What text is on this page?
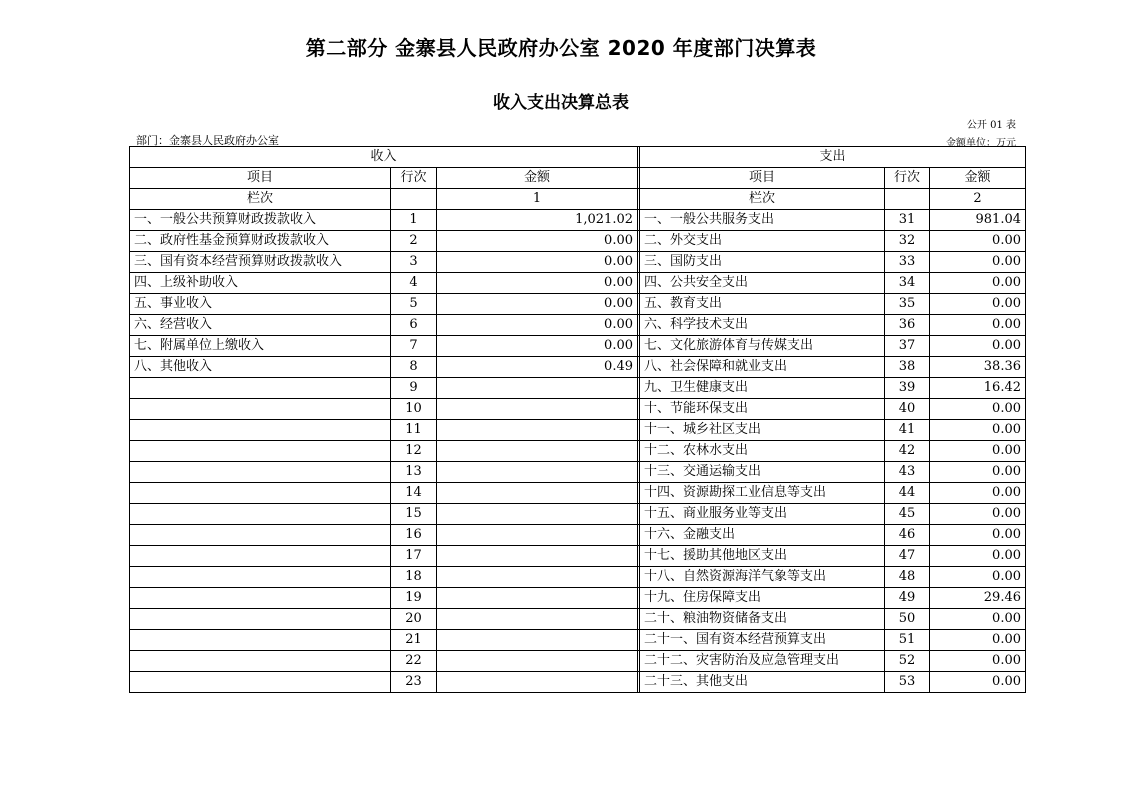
第二部分 金寨县人民政府办公室 2020 年度部门决算表
收入支出决算总表
公开 01 表
部门：金寨县人民政府办公室	金额单位：万元
收入				支出		
项目	行次	金额		项目	行次	金额
栏次		1		栏次		2
一、一般公共预算财政拨款收入	1	1,021.02		一、一般公共服务支出	31	981.04
二、政府性基金预算财政拨款收入	2	0.00		二、外交支出	32	0.00
三、国有资本经营预算财政拨款收入	3	0.00		三、国防支出	33	0.00
四、上级补助收入	4	0.00		四、公共安全支出	34	0.00
五、事业收入	5	0.00		五、教育支出	35	0.00
六、经营收入	6	0.00		六、科学技术支出	36	0.00
七、附属单位上缴收入	7	0.00		七、文化旅游体育与传媒支出	37	0.00
八、其他收入	8	0.49		八、社会保障和就业支出	38	38.36
	9			九、卫生健康支出	39	16.42
	10			十、节能环保支出	40	0.00
	11			十一、城乡社区支出	41	0.00
	12			十二、农林水支出	42	0.00
	13			十三、交通运输支出	43	0.00
	14			十四、资源勘探工业信息等支出	44	0.00
	15			十五、商业服务业等支出	45	0.00
	16			十六、金融支出	46	0.00
	17			十七、援助其他地区支出	47	0.00
	18			十八、自然资源海洋气象等支出	48	0.00
	19			十九、住房保障支出	49	29.46
	20			二十、粮油物资储备支出	50	0.00
	21			二十一、国有资本经营预算支出	51	0.00
	22			二十二、灾害防治及应急管理支出	52	0.00
	23			二十三、其他支出	53	0.00
